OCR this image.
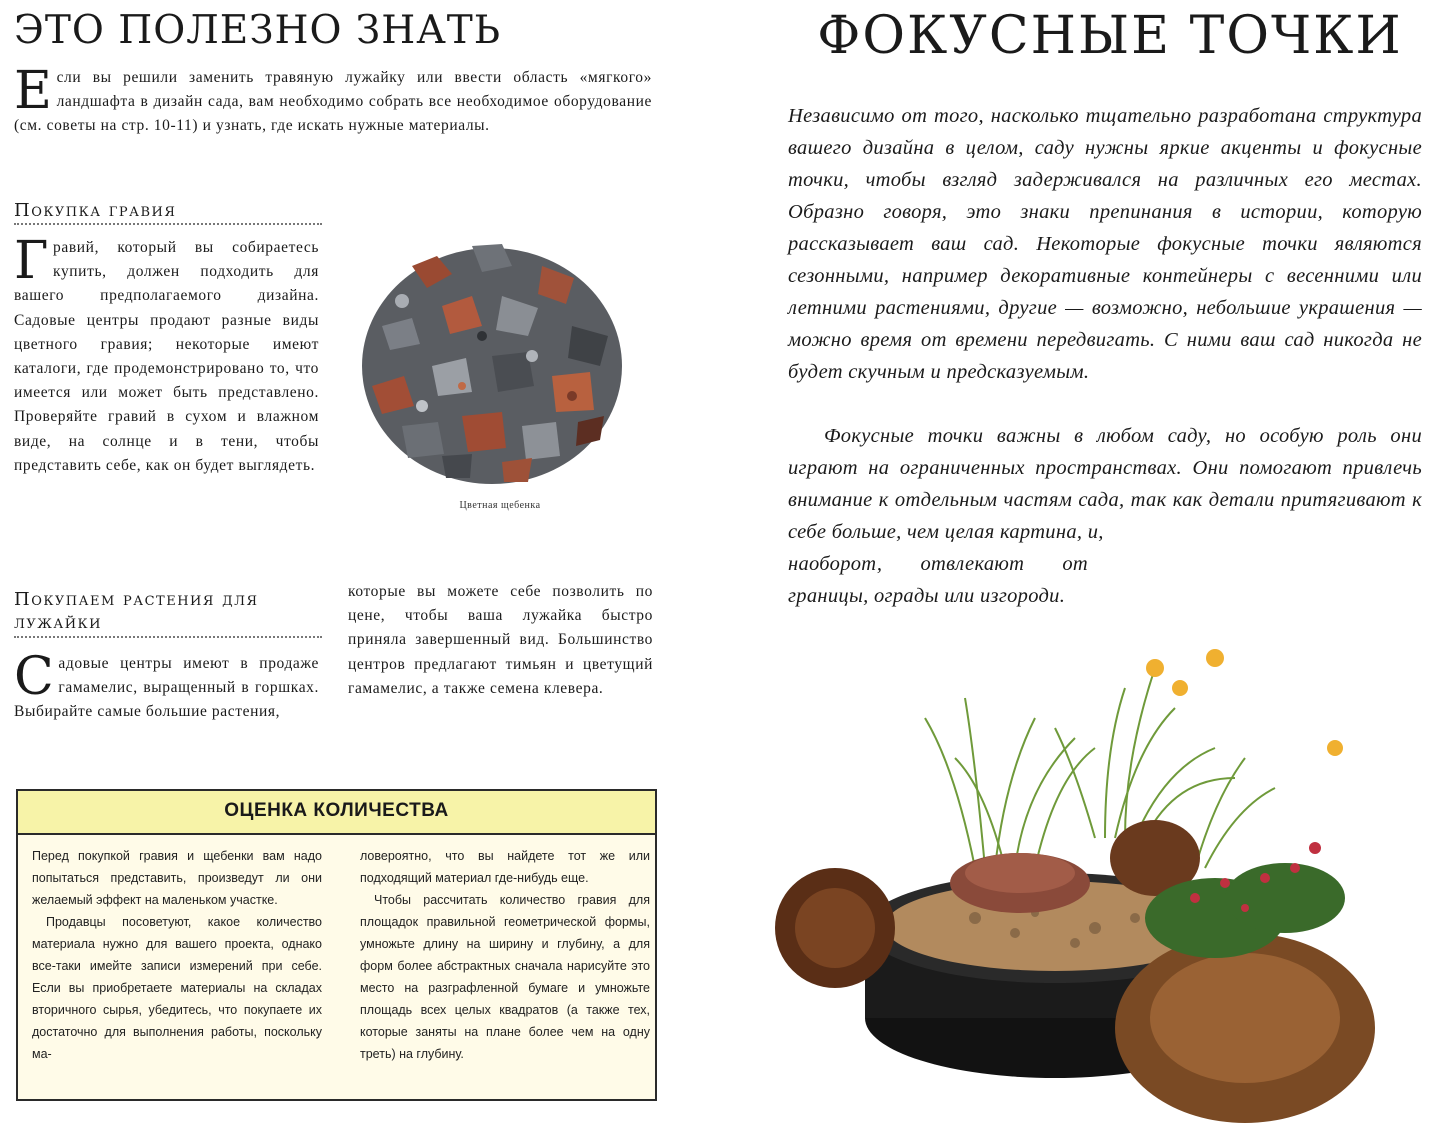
ЭТО ПОЛЕЗНО ЗНАТЬ
Если вы решили заменить травяную лужайку или ввести область «мягкого» ландшафта в дизайн сада, вам необходимо собрать все необходимое оборудование (см. советы на стр. 10-11) и узнать, где искать нужные материалы.
Покупка гравия
Гравий, который вы собираетесь купить, должен подходить для вашего предполагаемого дизайна. Садовые центры продают разные виды цветного гравия; некоторые имеют каталоги, где продемонстрировано то, что имеется или может быть представлено. Проверяйте гравий в сухом и влажном виде, на солнце и в тени, чтобы представить себе, как он будет выглядеть.
Цветная щебенка
Покупаем растения для лужайки
Садовые центры имеют в продаже гамамелис, выращенный в горшках. Выбирайте самые большие растения,
которые вы можете себе позволить по цене, чтобы ваша лужайка быстро приняла завершенный вид. Большинство центров предлагают тимьян и цветущий гамамелис, а также семена клевера.
ОЦЕНКА КОЛИЧЕСТВА

Перед покупкой гравия и щебенки вам надо попытаться представить, произведут ли они желаемый эффект на маленьком участке.

Продавцы посоветуют, какое количество материала нужно для вашего проекта, однако все-таки имейте записи измерений при себе. Если вы приобретаете материалы на складах вторичного сырья, убедитесь, что покупаете их достаточно для выполнения работы, поскольку ма-

ловероятно, что вы найдете тот же или подходящий материал где-нибудь еще.

Чтобы рассчитать количество гравия для площадок правильной геометрической формы, умножьте длину на ширину и глубину, а для форм более абстрактных сначала нарисуйте это место на разграфленной бумаге и умножьте площадь всех целых квадратов (а также тех, которые заняты на плане более чем на одну треть) на глубину.

ФОКУСНЫЕ ТОЧКИ
Независимо от того, насколько тщательно разработана структура вашего дизайна в целом, саду нужны яркие акценты и фокусные точки, чтобы взгляд задерживался на различных его местах. Образно говоря, это знаки препинания в истории, которую рассказывает ваш сад. Некоторые фокусные точки являются сезонными, например декоративные контейнеры с весенними или летними растениями, другие — возможно, небольшие украшения — можно время от времени передвигать. С ними ваш сад никогда не будет скучным и предсказуемым.
Фокусные точки важны в любом саду, но особую роль они играют на ограниченных пространствах. Они помогают привлечь внимание к отдельным частям сада, так как детали притягивают к себе больше, чем целая картина, и,
наоборот, отвлекают от границы, ограды или изгороди.
